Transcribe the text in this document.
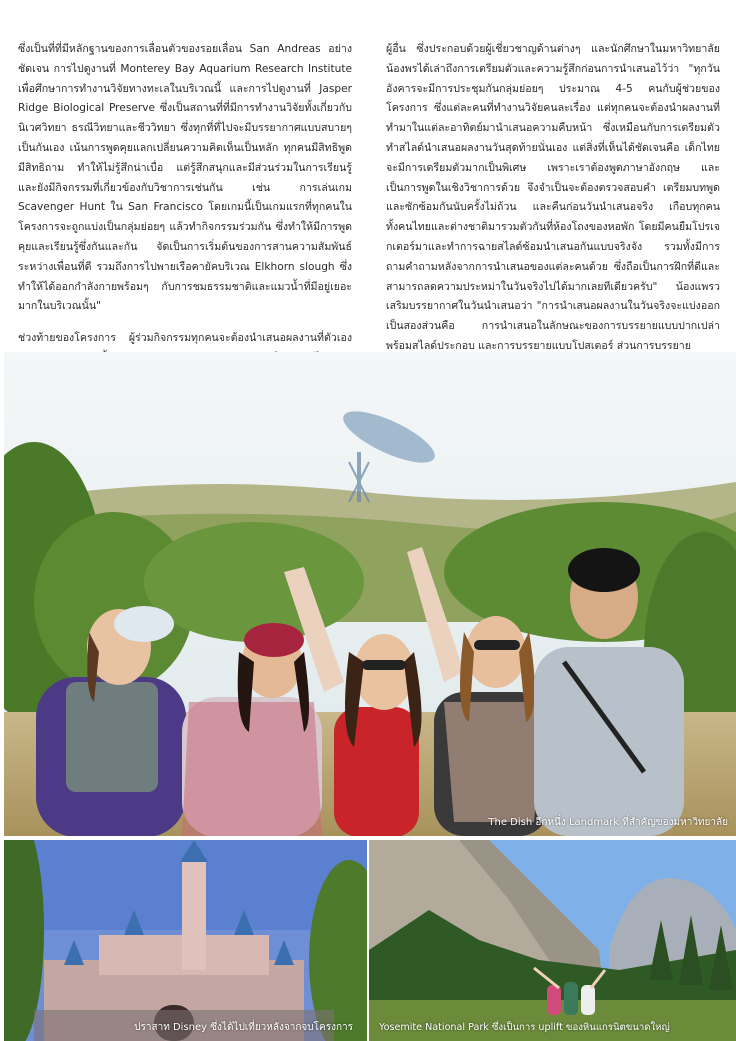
ซึ่งเป็นที่ที่มีหลักฐานของการเลื่อนตัวของรอยเลื่อน San Andreas อย่างชัดเจน การไปดูงานที่ Monterey Bay Aquarium Research Institute เพื่อศึกษาการทำงานวิจัยทางทะเลในบริเวณนี้ และการไปดูงานที่ Jasper Ridge Biological Preserve ซึ่งเป็นสถานที่ที่มีการทำงานวิจัยทั้งเกี่ยวกับนิเวศวิทยา ธรณีวิทยาและชีววิทยา ซึ่งทุกที่ที่ไปจะมีบรรยากาศแบบสบายๆ เป็นกันเอง เน้นการพูดคุยแลกเปลี่ยนความคิดเห็นเป็นหลัก ทุกคนมีสิทธิพูด มีสิทธิถาม ทำให้ไม่รู้สึกน่าเบื่อ แต่รู้สึกสนุกและมีส่วนร่วมในการเรียนรู้ และยังมีกิจกรรมที่เกี่ยวข้องกับวิชาการเช่นกัน เช่น การเล่นเกม Scavenger Hunt ใน San Francisco โดยเกมนี้เป็นเกมแรกที่ทุกคนในโครงการจะถูกแบ่งเป็นกลุ่มย่อยๆ แล้วทำกิจกรรมร่วมกัน ซึ่งทำให้มีการพูดคุยและเรียนรู้ซึ่งกันและกัน จัดเป็นการเริ่มต้นของการสานความสัมพันธ์ระหว่างเพื่อนที่ดี รวมถึงการไปพายเรือคายัคบริเวณ Elkhorn slough ซึ่งทำให้ได้ออกกำลังกายพร้อมๆ กับการชมธรรมชาติและแมวน้ำที่มีอยู่เยอะมากในบริเวณนั้น"

ช่วงท้ายของโครงการ ผู้ร่วมกิจกรรมทุกคนจะต้องนำเสนอผลงานที่ตัวเอง

ผู้อื่น ซึ่งประกอบด้วยผู้เชี่ยวชาญด้านต่างๆ และนักศึกษาในมหาวิทยาลัย น้องพรได้เล่าถึงการเตรียมตัวและความรู้สึกก่อนการนำเสนอไว้ว่า "ทุกวันอังคารจะมีการประชุมกันกลุ่มย่อยๆ ประมาณ 4-5 คนกับผู้ช่วยของโครงการ ซึ่งแต่ละคนที่ทำงานวิจัยคนละเรื่อง แต่ทุกคนจะต้องนำผลงานที่ทำมาในแต่ละอาทิตย์มานำเสนอความคืบหน้า ซึ่งเหมือนกับการเตรียมตัวทำสไลด์นำเสนอผลงานวันสุดท้ายนั่นเอง แต่สิ่งที่เห็นได้ชัดเจนคือ เด็กไทยจะมีการเตรียมตัวมากเป็นพิเศษ เพราะเราต้องพูดภาษาอังกฤษ และเป็นการพูดในเชิงวิชาการด้วย จึงจำเป็นจะต้องตรวจสอบคำ เตรียมบทพูด และซักซ้อมกันนับครั้งไม่ถ้วน และคืนก่อนวันนำเสนอจริง เกือบทุกคนทั้งคนไทยและต่างชาติมารวมตัวกันที่ห้องโถงของหอพัก โดยมีคนยืมโปรเจกเตอร์มาและทำการฉายสไลด์ซ้อมนำเสนอกันแบบจริงจัง รวมทั้งมีการถามคำถามหลังจากการนำเสนอของแต่ละคนด้วย ซึ่งถือเป็นการฝึกที่ดีและสามารถลดความประหม่าในวันจริงไปได้มากเลยทีเดียวครับ" น้องแพรวเสริมบรรยากาศในวันนำเสนอว่า "การนำเสนอผลงานในวันจริงจะแบ่งออกเป็นสองส่วนคือ การนำเสนอในลักษณะของการบรรยายแบบปากเปล่าพร้อมสไลด์ประกอบ และการบรรยายแบบโปสเตอร์ ส่วนการบรรยาย

The Dish อีกหนึ่ง Landmark ที่สำคัญของมหาวิทยาลัย
ปราสาท Disney ซึ่งได้ไปเที่ยวหลังจากจบโครงการ	Yosemite National Park ซึ่งเป็นการ uplift ของหินแกรนิตขนาดใหญ่
